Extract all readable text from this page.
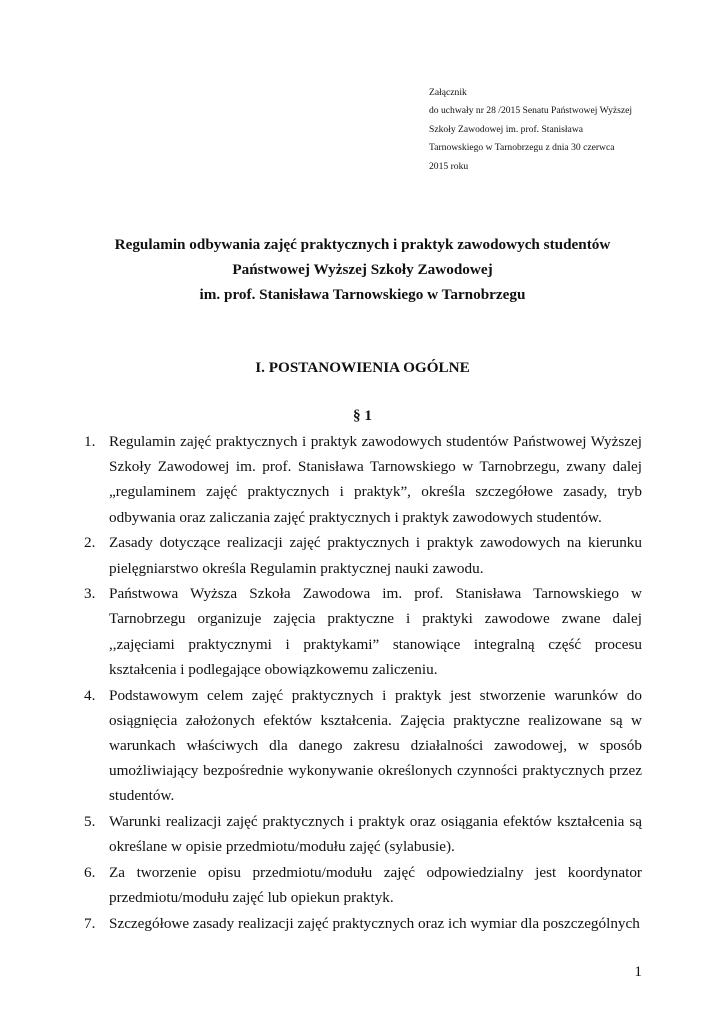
Załącznik
do uchwały nr 28 /2015 Senatu Państwowej Wyższej
Szkoły Zawodowej im. prof. Stanisława
Tarnowskiego w Tarnobrzegu z dnia 30 czerwca
2015 roku
Regulamin odbywania zajęć praktycznych i praktyk zawodowych studentów
Państwowej Wyższej Szkoły Zawodowej
im. prof. Stanisława Tarnowskiego w Tarnobrzegu
I. POSTANOWIENIA OGÓLNE
§ 1
1. Regulamin zajęć praktycznych i praktyk zawodowych studentów Państwowej Wyższej Szkoły Zawodowej im. prof. Stanisława Tarnowskiego w Tarnobrzegu, zwany dalej „regulaminem zajęć praktycznych i praktyk”, określa szczegółowe zasady, tryb odbywania oraz zaliczania zajęć praktycznych i praktyk zawodowych studentów.
2. Zasady dotyczące realizacji zajęć praktycznych i praktyk zawodowych na kierunku pielęgniarstwo określa Regulamin praktycznej nauki zawodu.
3. Państwowa Wyższa Szkoła Zawodowa im. prof. Stanisława Tarnowskiego w Tarnobrzegu organizuje zajęcia praktyczne i praktyki zawodowe zwane dalej ,,zajęciami praktycznymi i praktykami” stanowiące integralną część procesu kształcenia i podlegające obowiązkowemu zaliczeniu.
4. Podstawowym celem zajęć praktycznych i praktyk jest stworzenie warunków do osiągnięcia założonych efektów kształcenia. Zajęcia praktyczne realizowane są w warunkach właściwych dla danego zakresu działalności zawodowej, w sposób umożliwiający bezpośrednie wykonywanie określonych czynności praktycznych przez studentów.
5. Warunki realizacji zajęć praktycznych i praktyk oraz osiągania efektów kształcenia są określane w opisie przedmiotu/modułu zajęć (sylabusie).
6. Za tworzenie opisu przedmiotu/modułu zajęć odpowiedzialny jest koordynator przedmiotu/modułu zajęć lub opiekun praktyk.
7. Szczegółowe zasady realizacji zajęć praktycznych oraz ich wymiar dla poszczególnych
1
